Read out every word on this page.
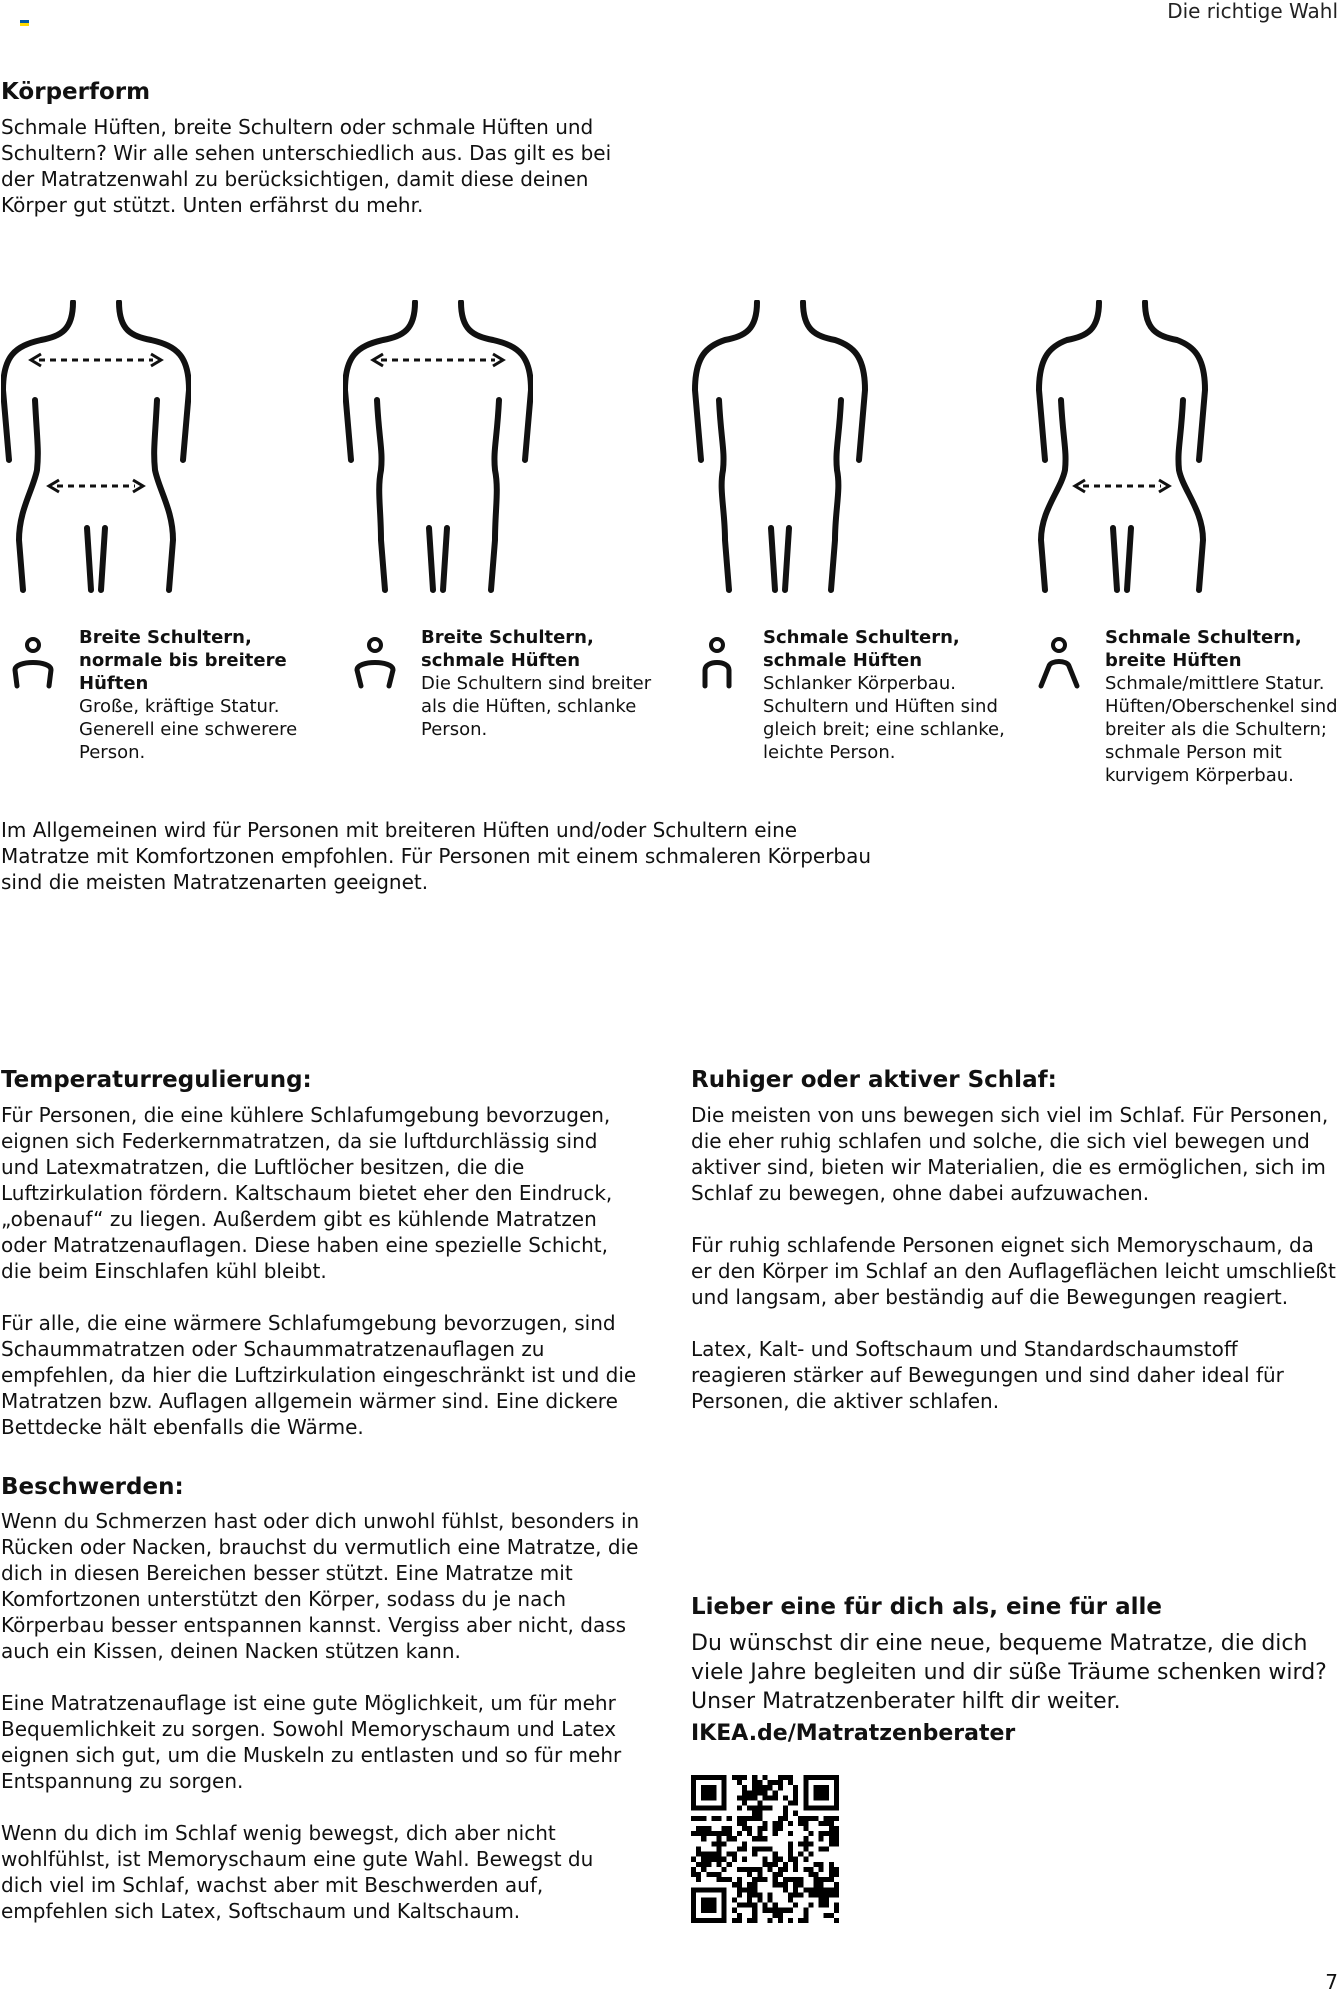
Die richtige Wahl
Körperform
Schmale Hüften, breite Schultern oder schmale Hüften und Schultern? Wir alle sehen unterschiedlich aus. Das gilt es bei der Matratzenwahl zu berücksichtigen, damit diese deinen Körper gut stützt. Unten erfährst du mehr.
Breite Schultern, normale bis breitere Hüften
Große, kräftige Statur. Generell eine schwerere Person.
Breite Schultern, schmale Hüften
Die Schultern sind breiter als die Hüften, schlanke Person.
Schmale Schultern, schmale Hüften
Schlanker Körperbau. Schultern und Hüften sind gleich breit; eine schlanke, leichte Person.
Schmale Schultern, breite Hüften
Schmale/mittlere Statur. Hüften/Oberschenkel sind breiter als die Schultern; schmale Person mit kurvigem Körperbau.
Im Allgemeinen wird für Personen mit breiteren Hüften und/oder Schultern eine Matratze mit Komfortzonen empfohlen. Für Personen mit einem schmaleren Körperbau sind die meisten Matratzenarten geeignet.
Temperaturregulierung:
Für Personen, die eine kühlere Schlafumgebung bevorzugen, eignen sich Federkernmatratzen, da sie luftdurchlässig sind und Latexmatratzen, die Luftlöcher besitzen, die die Luftzirkulation fördern. Kaltschaum bietet eher den Eindruck, „obenauf“ zu liegen. Außerdem gibt es kühlende Matratzen oder Matratzenauflagen. Diese haben eine spezielle Schicht, die beim Einschlafen kühl bleibt.
Für alle, die eine wärmere Schlafumgebung bevorzugen, sind Schaummatratzen oder Schaummatratzenauflagen zu empfehlen, da hier die Luftzirkulation eingeschränkt ist und die Matratzen bzw. Auflagen allgemein wärmer sind. Eine dickere Bettdecke hält ebenfalls die Wärme.
Beschwerden:
Wenn du Schmerzen hast oder dich unwohl fühlst, besonders in Rücken oder Nacken, brauchst du vermutlich eine Matratze, die dich in diesen Bereichen besser stützt. Eine Matratze mit Komfortzonen unterstützt den Körper, sodass du je nach Körperbau besser entspannen kannst. Vergiss aber nicht, dass auch ein Kissen, deinen Nacken stützen kann.
Eine Matratzenauflage ist eine gute Möglichkeit, um für mehr Bequemlichkeit zu sorgen. Sowohl Memoryschaum und Latex eignen sich gut, um die Muskeln zu entlasten und so für mehr Entspannung zu sorgen.
Wenn du dich im Schlaf wenig bewegst, dich aber nicht wohlfühlst, ist Memoryschaum eine gute Wahl. Bewegst du dich viel im Schlaf, wachst aber mit Beschwerden auf, empfehlen sich Latex, Softschaum und Kaltschaum.
Ruhiger oder aktiver Schlaf:
Die meisten von uns bewegen sich viel im Schlaf. Für Personen, die eher ruhig schlafen und solche, die sich viel bewegen und aktiver sind, bieten wir Materialien, die es ermöglichen, sich im Schlaf zu bewegen, ohne dabei aufzuwachen.
Für ruhig schlafende Personen eignet sich Memoryschaum, da er den Körper im Schlaf an den Auflageflächen leicht umschließt und langsam, aber beständig auf die Bewegungen reagiert.
Latex, Kalt- und Softschaum und Standardschaumstoff reagieren stärker auf Bewegungen und sind daher ideal für Personen, die aktiver schlafen.
Lieber eine für dich als, eine für alle
Du wünschst dir eine neue, bequeme Matratze, die dich viele Jahre begleiten und dir süße Träume schenken wird? Unser Matratzenberater hilft dir weiter.
IKEA.de/Matratzenberater
7
